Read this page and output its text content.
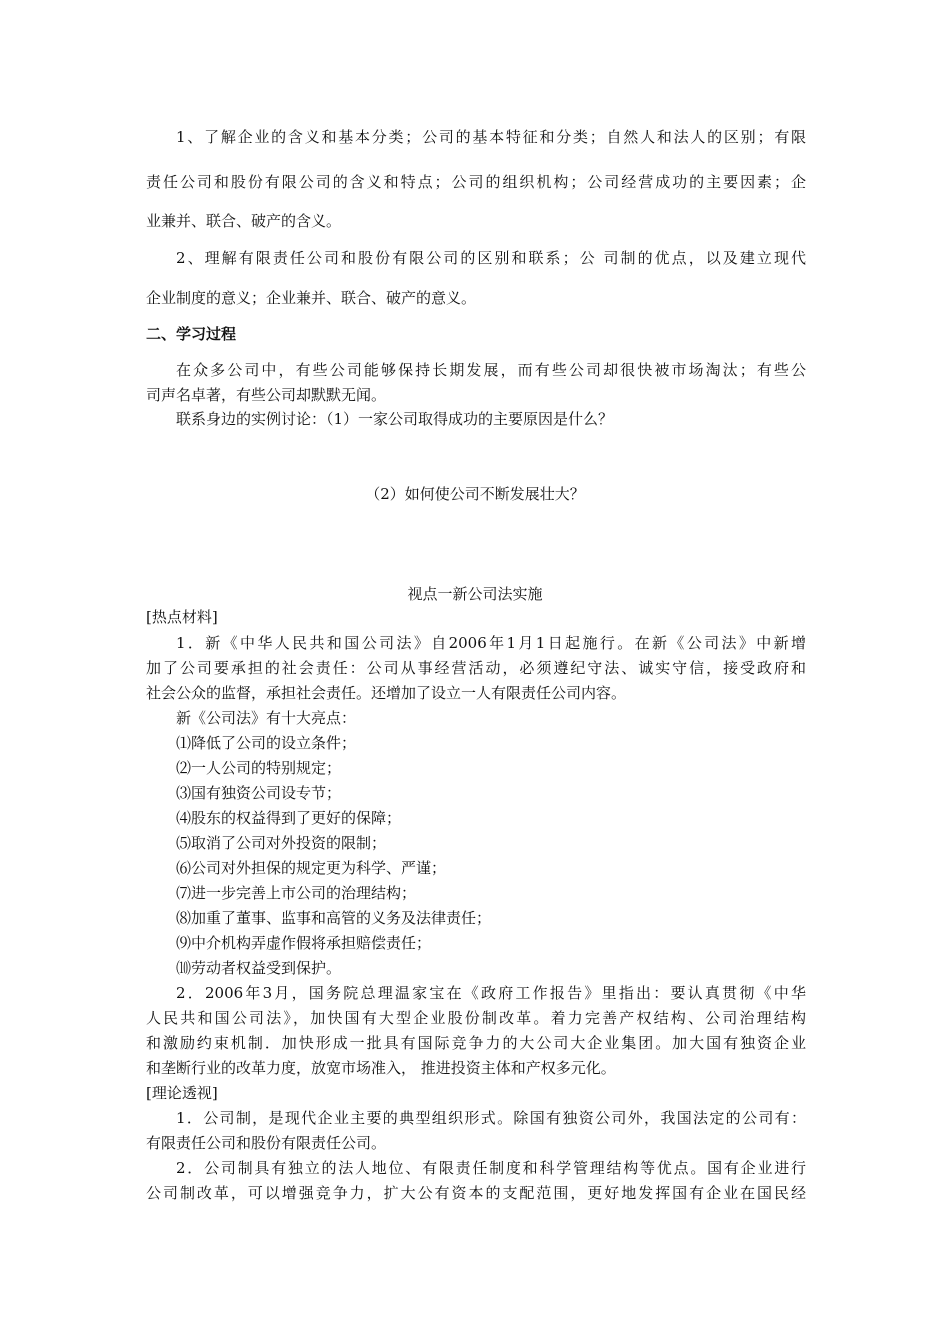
1、了解企业的含义和基本分类；公司的基本特征和分类；自然人和法人的区别；有限

责任公司和股份有限公司的含义和特点；公司的组织机构；公司经营成功的主要因素；企

业兼并、联合、破产的含义。

2、理解有限责任公司和股份有限公司的区别和联系；公 司制的优点，以及建立现代

企业制度的意义；企业兼并、联合、破产的意义。

二、学习过程

在众多公司中，有些公司能够保持长期发展，而有些公司却很快被市场淘汰；有些公

司声名卓著，有些公司却默默无闻。

联系身边的实例讨论：（1）一家公司取得成功的主要原因是什么？

（2）如何使公司不断发展壮大？

视点一新公司法实施

[热点材料]

1．新《中华人民共和国公司法》自2006年1月1日起施行。在新《公司法》中新增

加了公司要承担的社会责任：公司从事经营活动，必须遵纪守法、诚实守信，接受政府和

社会公众的监督，承担社会责任。还增加了设立一人有限责任公司内容。

新《公司法》有十大亮点：

⑴降低了公司的设立条件；

⑵一人公司的特别规定；

⑶国有独资公司设专节；

⑷股东的权益得到了更好的保障；

⑸取消了公司对外投资的限制；

⑹公司对外担保的规定更为科学、严谨；

⑺进一步完善上市公司的治理结构；

⑻加重了董事、监事和高管的义务及法律责任；

⑼中介机构弄虚作假将承担赔偿责任；

⑽劳动者权益受到保护。

2．2006年3月，国务院总理温家宝在《政府工作报告》里指出：要认真贯彻《中华

人民共和国公司法》，加快国有大型企业股份制改革。着力完善产权结构、公司治理结构

和激励约束机制．加快形成一批具有国际竞争力的大公司大企业集团。加大国有独资企业

和垄断行业的改革力度，放宽市场准入， 推进投资主体和产权多元化。

[理论透视]

1．公司制，是现代企业主要的典型组织形式。除国有独资公司外，我国法定的公司有：

有限责任公司和股份有限责任公司。

2．公司制具有独立的法人地位、有限责任制度和科学管理结构等优点。国有企业进行

公司制改革，可以增强竞争力，扩大公有资本的支配范围，更好地发挥国有企业在国民经
